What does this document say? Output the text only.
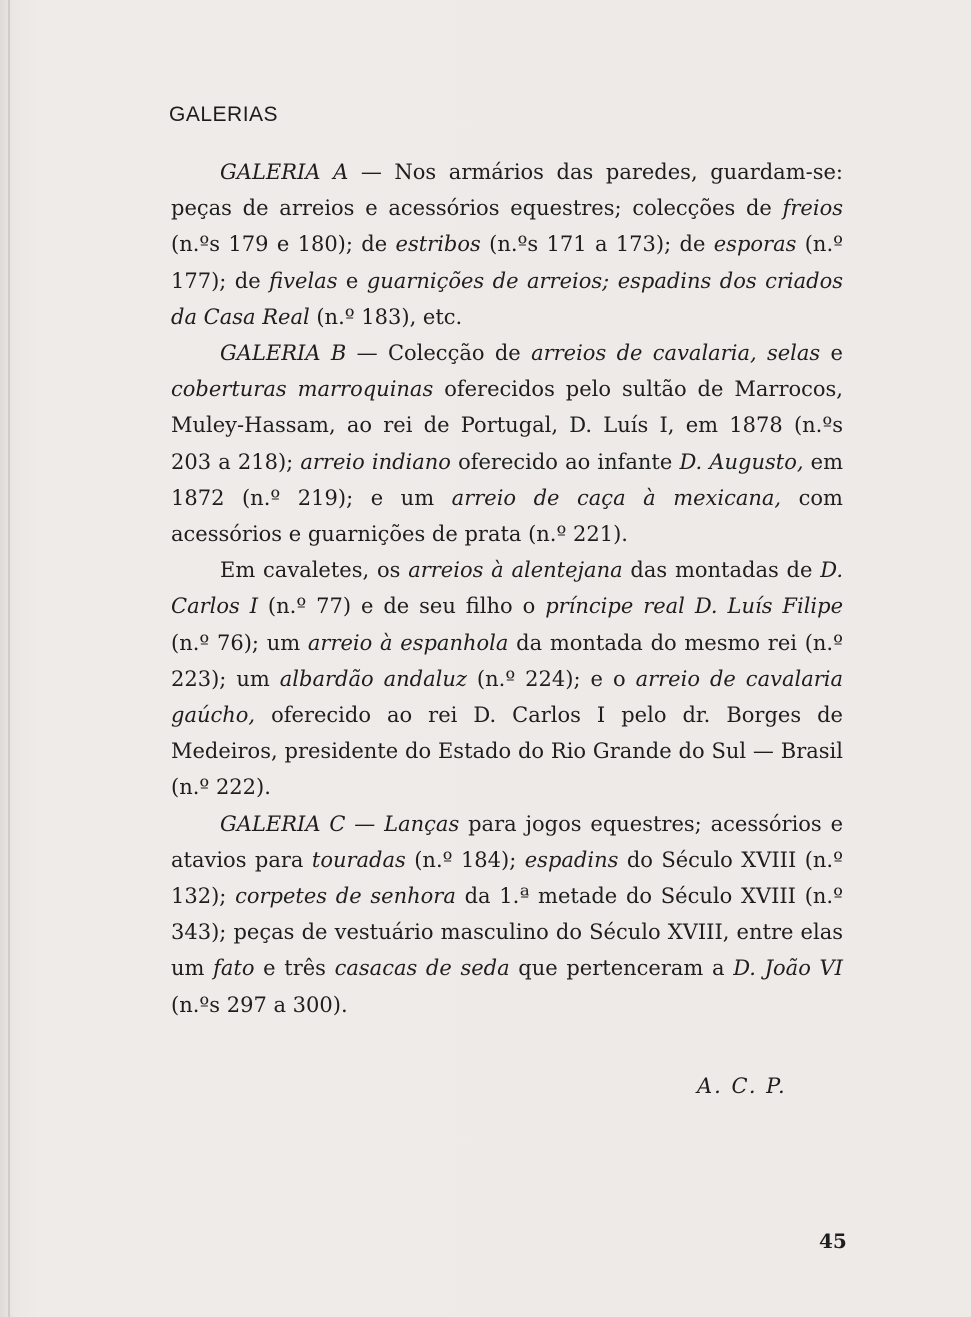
GALERIAS

GALERIA A — Nos armários das paredes, guardam-se: peças de arreios e acessórios equestres; colecções de freios (n.ºs 179 e 180); de estribos (n.ºs 171 a 173); de esporas (n.º 177); de fivelas e guarnições de arreios; espadins dos criados da Casa Real (n.º 183), etc.

GALERIA B — Colecção de arreios de cavalaria, selas e coberturas marroquinas oferecidos pelo sultão de Marrocos, Muley-Hassam, ao rei de Portugal, D. Luís I, em 1878 (n.ºs 203 a 218); arreio indiano oferecido ao infante D. Augusto, em 1872 (n.º 219); e um arreio de caça à mexicana, com acessórios e guarnições de prata (n.º 221).

Em cavaletes, os arreios à alentejana das montadas de D. Carlos I (n.º 77) e de seu filho o príncipe real D. Luís Filipe (n.º 76); um arreio à espanhola da montada do mesmo rei (n.º 223); um albardão andaluz (n.º 224); e o arreio de cavalaria gaúcho, oferecido ao rei D. Carlos I pelo dr. Borges de Medeiros, presidente do Estado do Rio Grande do Sul — Brasil (n.º 222).

GALERIA C — Lanças para jogos equestres; acessórios e atavios para touradas (n.º 184); espadins do Século XVIII (n.º 132); corpetes de senhora da 1.ª metade do Século XVIII (n.º 343); peças de vestuário masculino do Século XVIII, entre elas um fato e três casacas de seda que pertenceram a D. João VI (n.ºs 297 a 300).

A. C. P.
45
